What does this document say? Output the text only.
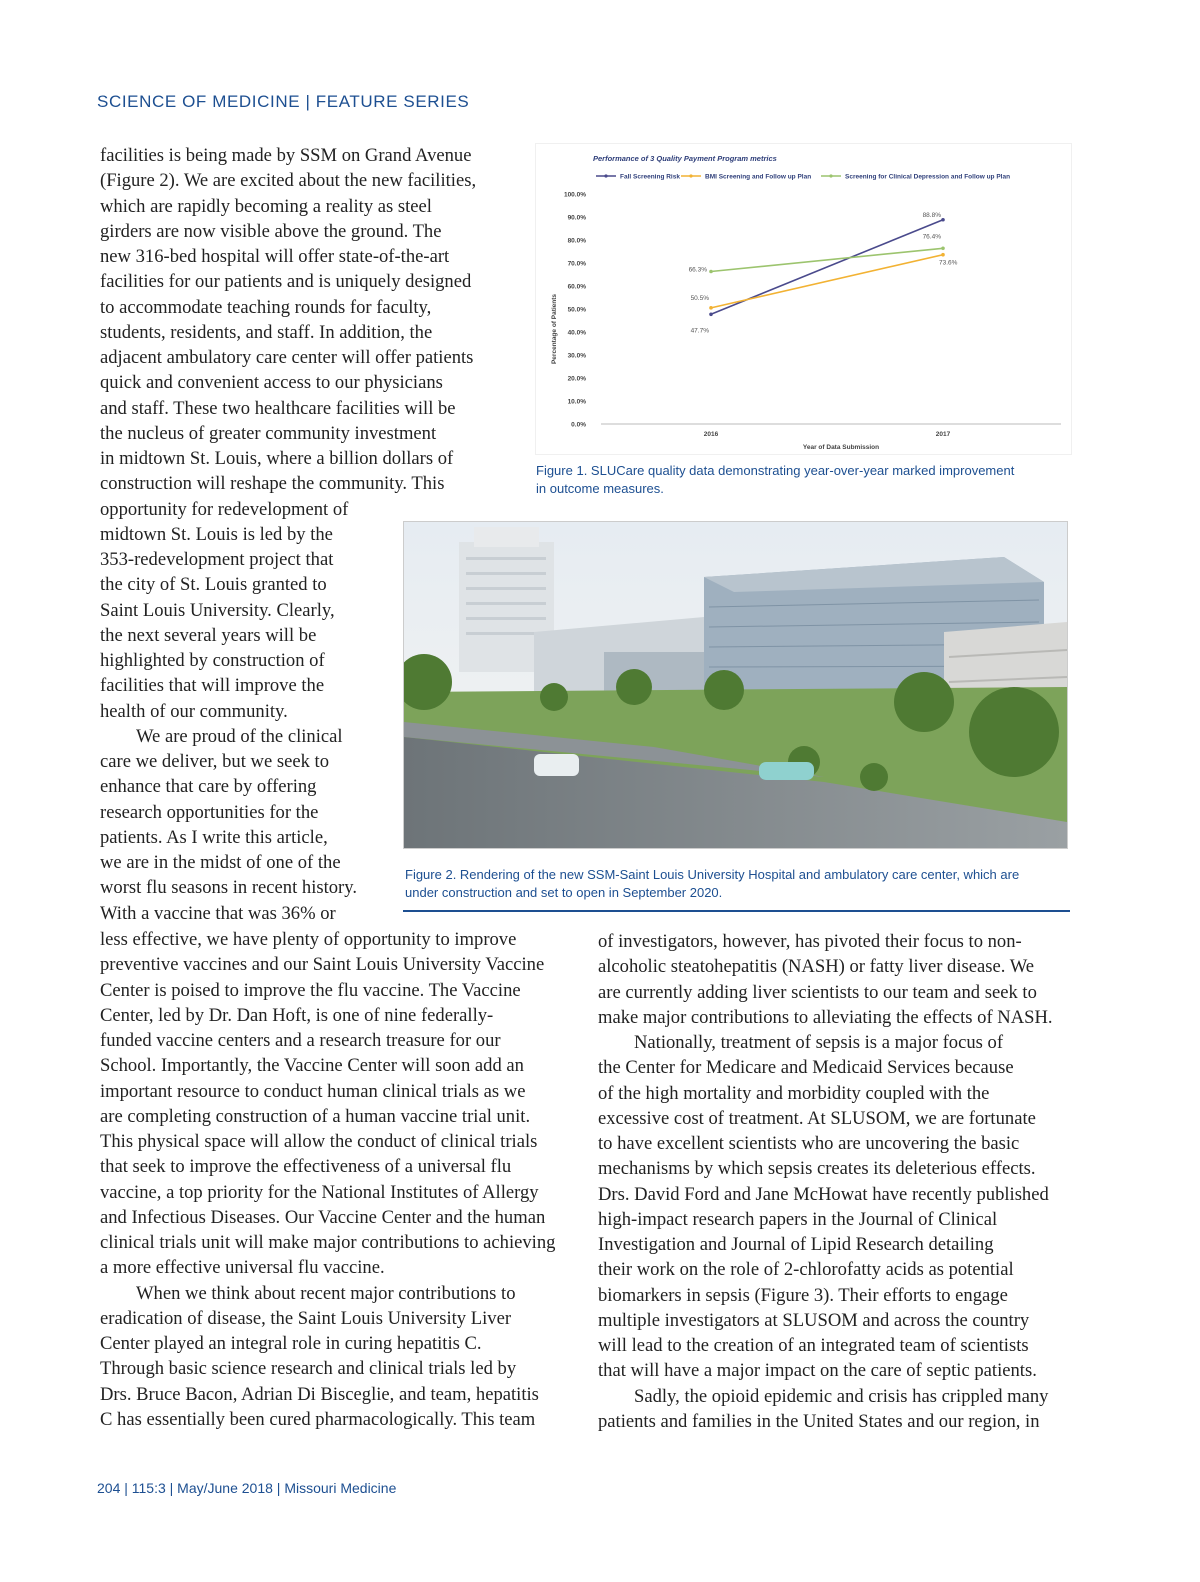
SCIENCE OF MEDICINE | FEATURE SERIES
facilities is being made by SSM on Grand Avenue
(Figure 2). We are excited about the new facilities,
which are rapidly becoming a reality as steel
girders are now visible above the ground. The
new 316-bed hospital will offer state-of-the-art
facilities for our patients and is uniquely designed
to accommodate teaching rounds for faculty,
students, residents, and staff. In addition, the
adjacent ambulatory care center will offer patients
quick and convenient access to our physicians
and staff. These two healthcare facilities will be
the nucleus of greater community investment
in midtown St. Louis, where a billion dollars of
construction will reshape the community. This
opportunity for redevelopment of
midtown St. Louis is led by the
353-redevelopment project that
the city of St. Louis granted to
Saint Louis University. Clearly,
the next several years will be
highlighted by construction of
facilities that will improve the
health of our community.
We are proud of the clinical
care we deliver, but we seek to
enhance that care by offering
research opportunities for the
patients. As I write this article,
we are in the midst of one of the
worst flu seasons in recent history.
With a vaccine that was 36% or
less effective, we have plenty of opportunity to improve
preventive vaccines and our Saint Louis University Vaccine
Center is poised to improve the flu vaccine. The Vaccine
Center, led by Dr. Dan Hoft, is one of nine federally-
funded vaccine centers and a research treasure for our
School. Importantly, the Vaccine Center will soon add an
important resource to conduct human clinical trials as we
are completing construction of a human vaccine trial unit.
This physical space will allow the conduct of clinical trials
that seek to improve the effectiveness of a universal flu
vaccine, a top priority for the National Institutes of Allergy
and Infectious Diseases. Our Vaccine Center and the human
clinical trials unit will make major contributions to achieving
a more effective universal flu vaccine.
When we think about recent major contributions to
eradication of disease, the Saint Louis University Liver
Center played an integral role in curing hepatitis C.
Through basic science research and clinical trials led by
Drs. Bruce Bacon, Adrian Di Bisceglie, and team, hepatitis
C has essentially been cured pharmacologically. This team
of investigators, however, has pivoted their focus to non-
alcoholic steatohepatitis (NASH) or fatty liver disease. We
are currently adding liver scientists to our team and seek to
make major contributions to alleviating the effects of NASH.
Nationally, treatment of sepsis is a major focus of
the Center for Medicare and Medicaid Services because
of the high mortality and morbidity coupled with the
excessive cost of treatment. At SLUSOM, we are fortunate
to have excellent scientists who are uncovering the basic
mechanisms by which sepsis creates its deleterious effects.
Drs. David Ford and Jane McHowat have recently published
high-impact research papers in the Journal of Clinical
Investigation and Journal of Lipid Research detailing
their work on the role of 2-chlorofatty acids as potential
biomarkers in sepsis (Figure 3). Their efforts to engage
multiple investigators at SLUSOM and across the country
will lead to the creation of an integrated team of scientists
that will have a major impact on the care of septic patients.
Sadly, the opioid epidemic and crisis has crippled many
patients and families in the United States and our region, in
Performance of 3 Quality Payment Program metrics
Fall Screening Risk	BMI Screening and Follow up Plan	Screening for Clinical Depression and Follow up Plan
0.0%
10.0%
20.0%
30.0%
40.0%
50.0%
60.0%
70.0%
80.0%
90.0%
100.0%
2016	2017
Year of Data Submission
Percentage of Patients	47.7%
88.8%
50.5%
73.6%
66.3%
76.4%
Figure 1. SLUCare quality data demonstrating year-over-year marked improvement
in outcome measures.
Figure 2. Rendering of the new SSM-Saint Louis University Hospital and ambulatory care center, which are
under construction and set to open in September 2020.
204 | 115:3 | May/June 2018 | Missouri Medicine
